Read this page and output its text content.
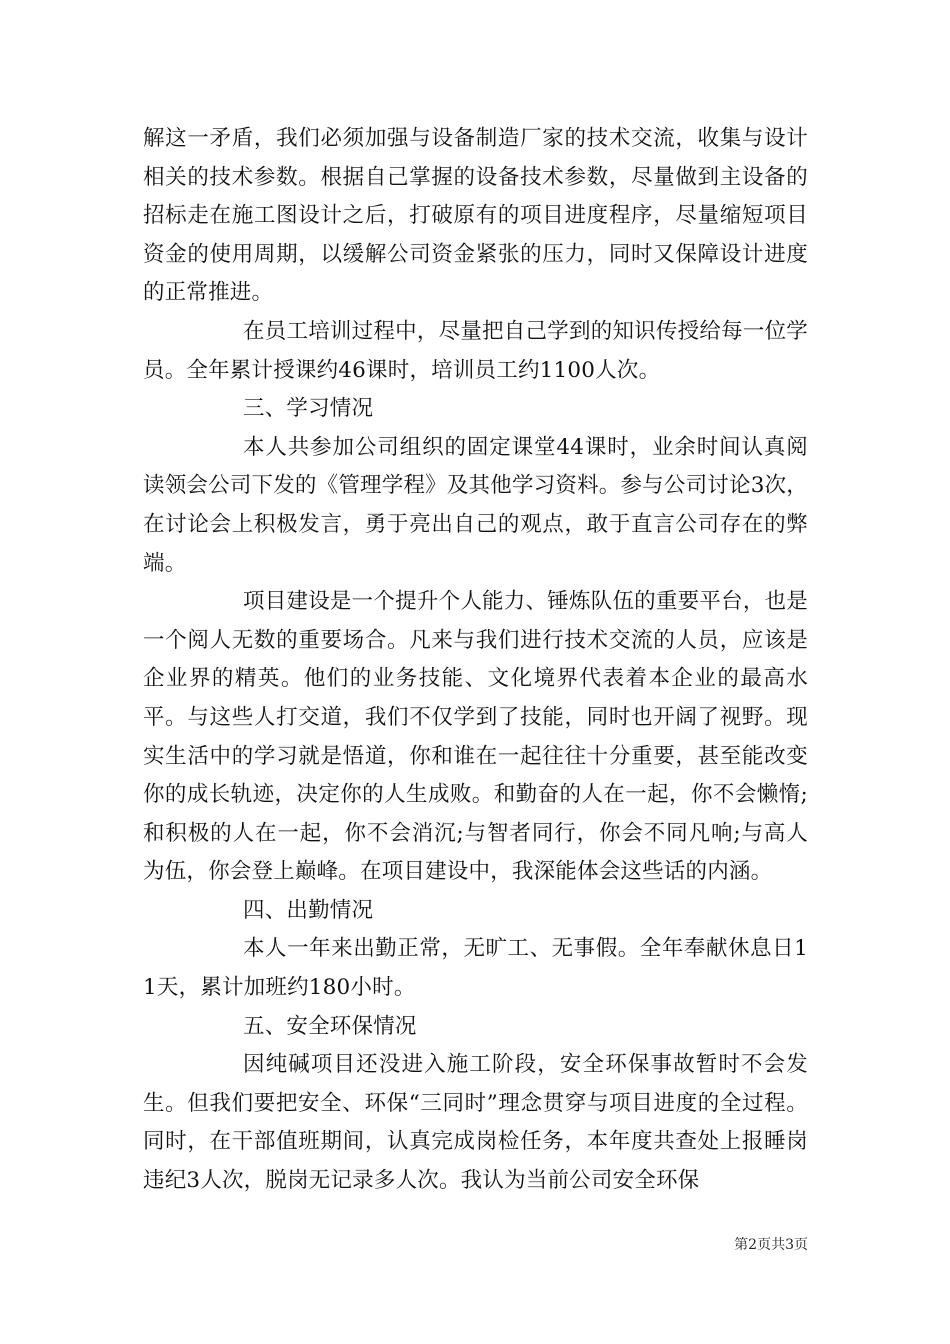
解这一矛盾，我们必须加强与设备制造厂家的技术交流，收集与设计相关的技术参数。根据自己掌握的设备技术参数，尽量做到主设备的招标走在施工图设计之后，打破原有的项目进度程序，尽量缩短项目资金的使用周期，以缓解公司资金紧张的压力，同时又保障设计进度的正常推进。

在员工培训过程中，尽量把自己学到的知识传授给每一位学员。全年累计授课约46课时，培训员工约1100人次。

三、学习情况

本人共参加公司组织的固定课堂44课时，业余时间认真阅读领会公司下发的《管理学程》及其他学习资料。参与公司讨论3次，在讨论会上积极发言，勇于亮出自己的观点，敢于直言公司存在的弊端。

项目建设是一个提升个人能力、锤炼队伍的重要平台，也是一个阅人无数的重要场合。凡来与我们进行技术交流的人员，应该是企业界的精英。他们的业务技能、文化境界代表着本企业的最高水平。与这些人打交道，我们不仅学到了技能，同时也开阔了视野。现实生活中的学习就是悟道，你和谁在一起往往十分重要，甚至能改变你的成长轨迹，决定你的人生成败。和勤奋的人在一起，你不会懒惰;和积极的人在一起，你不会消沉;与智者同行，你会不同凡响;与高人为伍，你会登上巅峰。在项目建设中，我深能体会这些话的内涵。

四、出勤情况

本人一年来出勤正常，无旷工、无事假。全年奉献休息日11天，累计加班约180小时。

五、安全环保情况

因纯碱项目还没进入施工阶段，安全环保事故暂时不会发生。但我们要把安全、环保“三同时”理念贯穿与项目进度的全过程。同时，在干部值班期间，认真完成岗检任务，本年度共查处上报睡岗违纪3人次，脱岗无记录多人次。我认为当前公司安全环保

第2页共3页
